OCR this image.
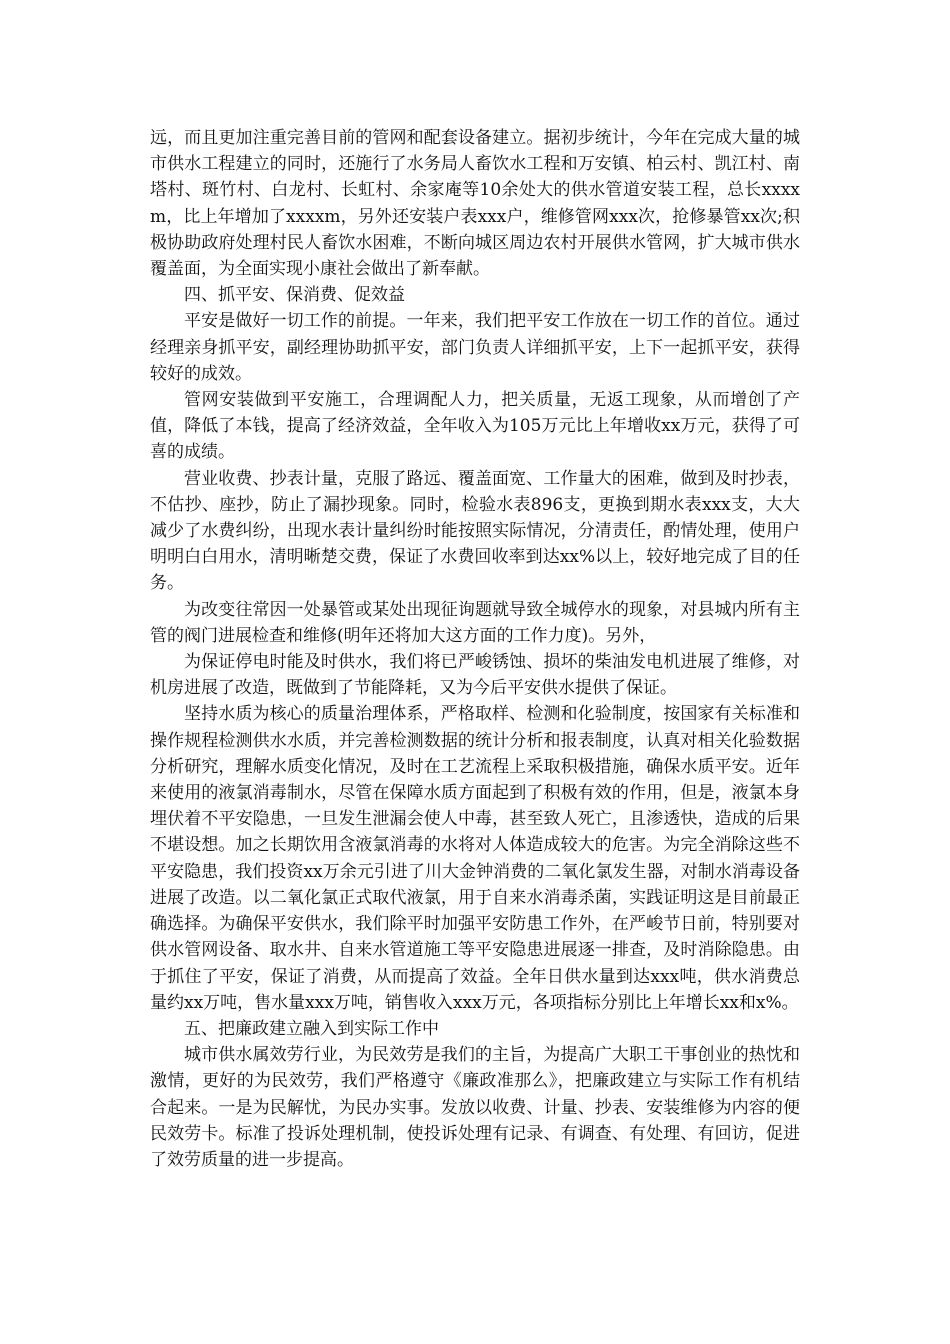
远，而且更加注重完善目前的管网和配套设备建立。据初步统计，今年在完成大量的城市供水工程建立的同时，还施行了水务局人畜饮水工程和万安镇、柏云村、凯江村、南塔村、斑竹村、白龙村、长虹村、余家庵等10余处大的供水管道安装工程，总长xxxxm，比上年增加了xxxxm，另外还安装户表xxx户，维修管网xxx次，抢修暴管xx次;积极协助政府处理村民人畜饮水困难，不断向城区周边农村开展供水管网，扩大城市供水覆盖面，为全面实现小康社会做出了新奉献。

四、抓平安、保消费、促效益

平安是做好一切工作的前提。一年来，我们把平安工作放在一切工作的首位。通过经理亲身抓平安，副经理协助抓平安，部门负责人详细抓平安，上下一起抓平安，获得较好的成效。

管网安装做到平安施工，合理调配人力，把关质量，无返工现象，从而增创了产值，降低了本钱，提高了经济效益，全年收入为105万元比上年增收xx万元，获得了可喜的成绩。

营业收费、抄表计量，克服了路远、覆盖面宽、工作量大的困难，做到及时抄表，不估抄、座抄，防止了漏抄现象。同时，检验水表896支，更换到期水表xxx支，大大减少了水费纠纷，出现水表计量纠纷时能按照实际情况，分清责任，酌情处理，使用户明明白白用水，清明晰楚交费，保证了水费回收率到达xx%以上，较好地完成了目的任务。

为改变往常因一处暴管或某处出现征询题就导致全城停水的现象，对县城内所有主管的阀门进展检查和维修(明年还将加大这方面的工作力度)。另外，

为保证停电时能及时供水，我们将已严峻锈蚀、损坏的柴油发电机进展了维修，对机房进展了改造，既做到了节能降耗，又为今后平安供水提供了保证。

坚持水质为核心的质量治理体系，严格取样、检测和化验制度，按国家有关标准和操作规程检测供水水质，并完善检测数据的统计分析和报表制度，认真对相关化验数据分析研究，理解水质变化情况，及时在工艺流程上采取积极措施，确保水质平安。近年来使用的液氯消毒制水，尽管在保障水质方面起到了积极有效的作用，但是，液氯本身埋伏着不平安隐患，一旦发生泄漏会使人中毒，甚至致人死亡，且渗透快，造成的后果不堪设想。加之长期饮用含液氯消毒的水将对人体造成较大的危害。为完全消除这些不平安隐患，我们投资xx万余元引进了川大金钟消费的二氧化氯发生器，对制水消毒设备进展了改造。以二氧化氯正式取代液氯，用于自来水消毒杀菌，实践证明这是目前最正确选择。为确保平安供水，我们除平时加强平安防患工作外，在严峻节日前，特别要对供水管网设备、取水井、自来水管道施工等平安隐患进展逐一排查，及时消除隐患。由于抓住了平安，保证了消费，从而提高了效益。全年日供水量到达xxx吨，供水消费总量约xx万吨，售水量xxx万吨，销售收入xxx万元，各项指标分别比上年增长xx和x%。

五、把廉政建立融入到实际工作中

城市供水属效劳行业，为民效劳是我们的主旨，为提高广大职工干事创业的热忱和激情，更好的为民效劳，我们严格遵守《廉政准那么》，把廉政建立与实际工作有机结合起来。一是为民解忧，为民办实事。发放以收费、计量、抄表、安装维修为内容的便民效劳卡。标准了投诉处理机制，使投诉处理有记录、有调查、有处理、有回访，促进了效劳质量的进一步提高。
